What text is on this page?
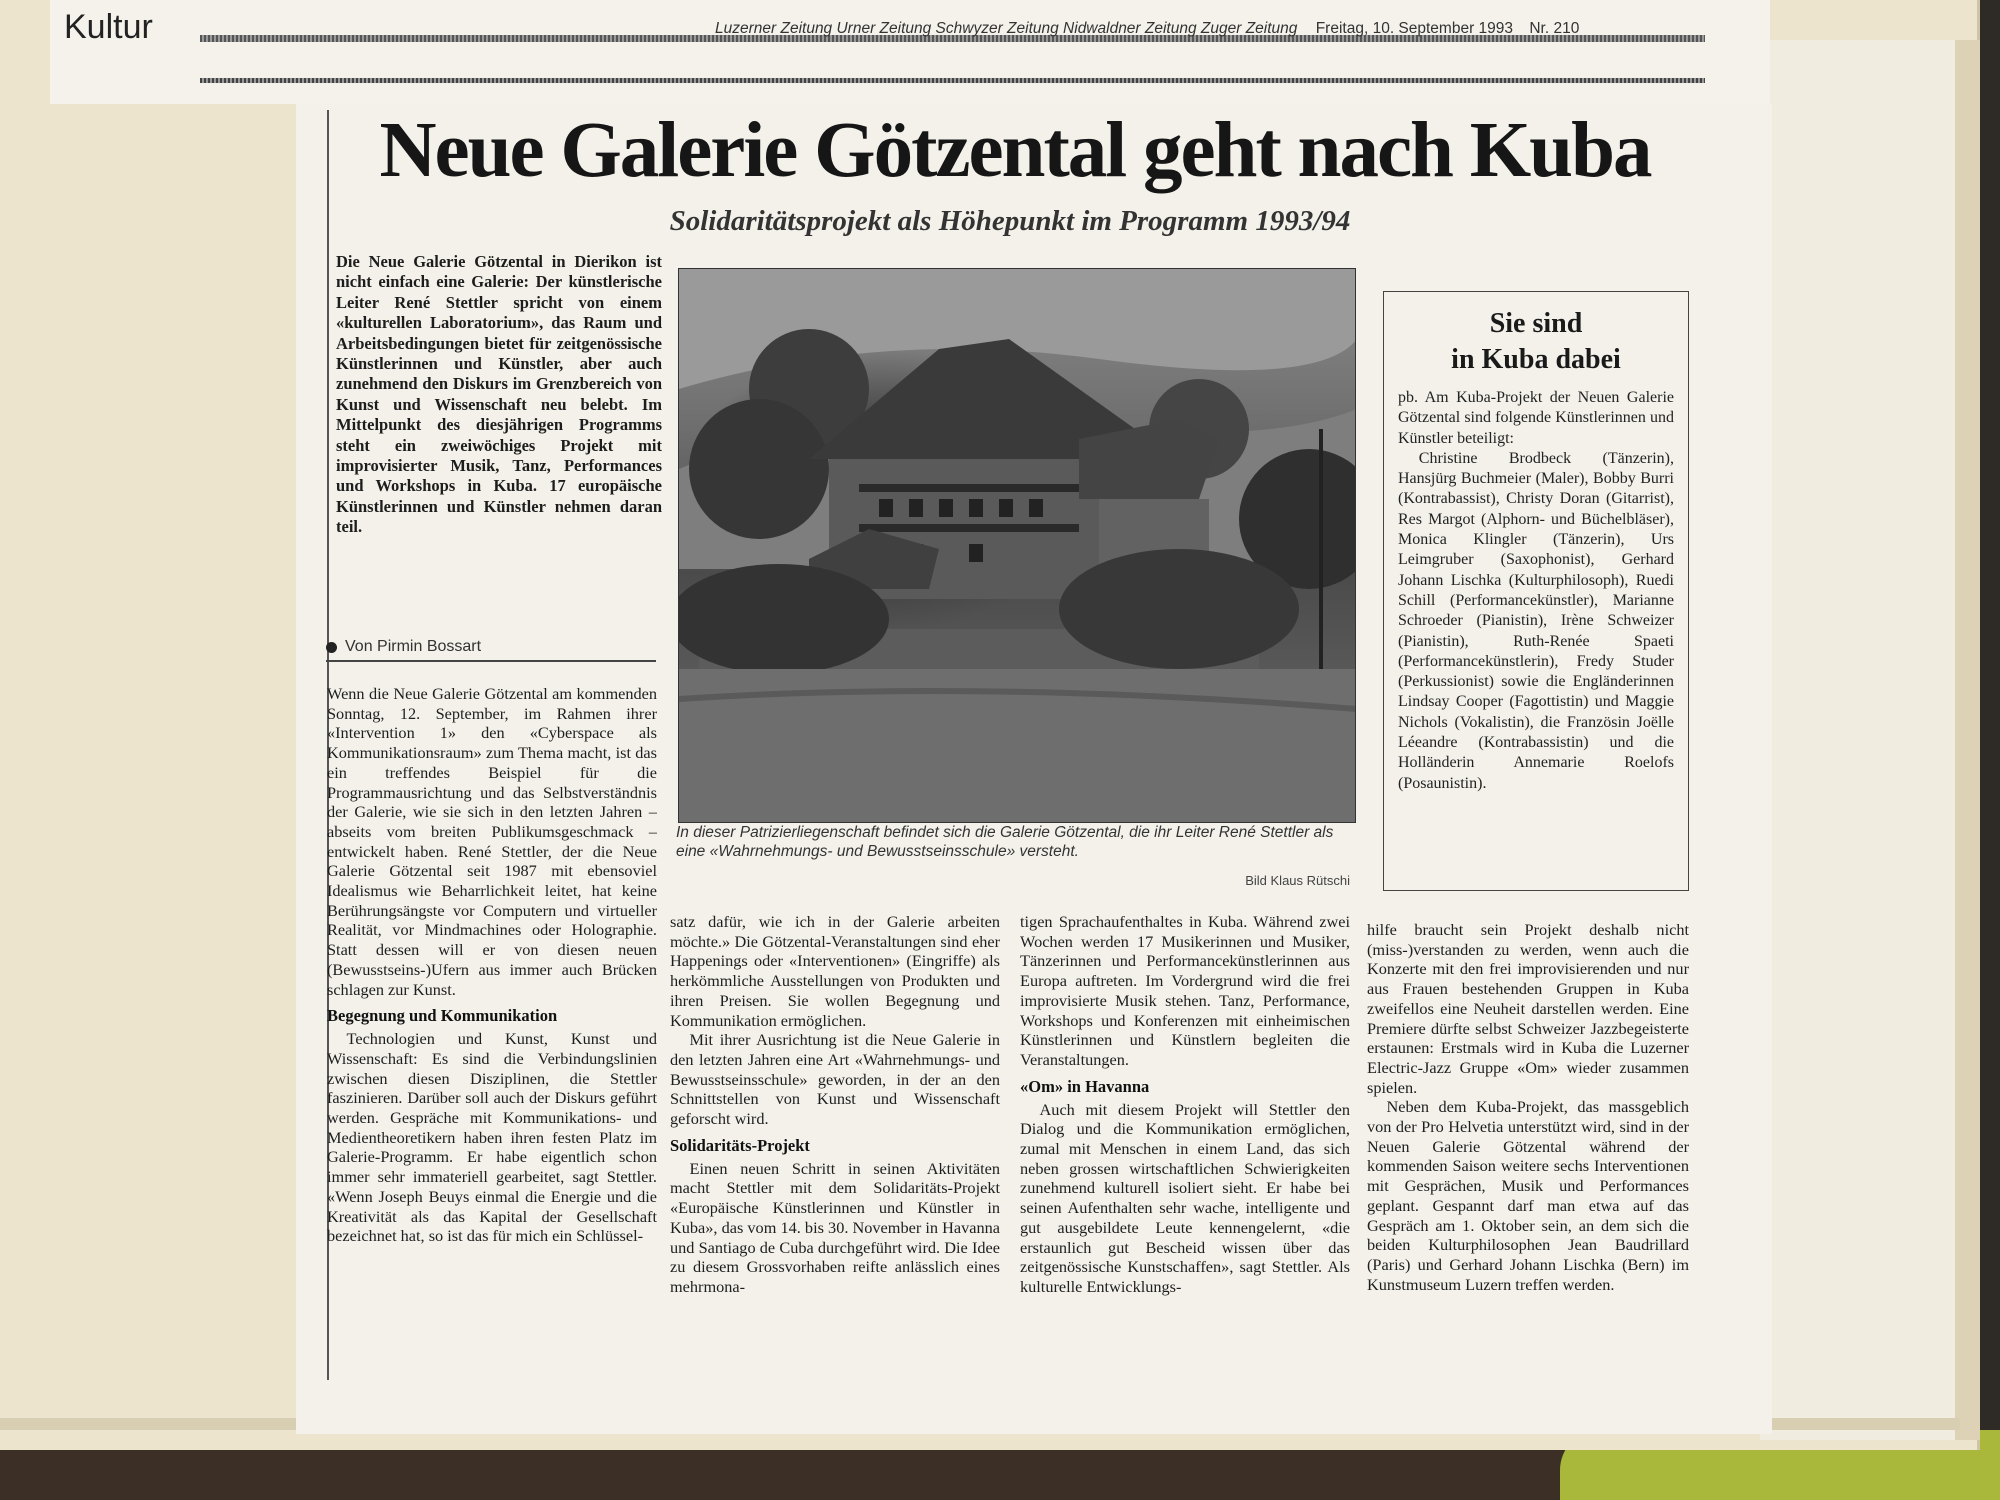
Kultur	Luzerner Zeitung Urner Zeitung Schwyzer Zeitung Nidwaldner Zeitung Zuger Zeitung Freitag, 10. September 1993 Nr. 210
Neue Galerie Götzental geht nach Kuba
Solidaritätsprojekt als Höhepunkt im Programm 1993/94

Die Neue Galerie Götzental in Dierikon ist nicht einfach eine Galerie: Der künstlerische Leiter René Stettler spricht von einem «kulturellen Laboratorium», das Raum und Arbeitsbedingungen bietet für zeitgenössische Künstlerinnen und Künstler, aber auch zunehmend den Diskurs im Grenzbereich von Kunst und Wissenschaft neu belebt. Im Mittelpunkt des diesjährigen Programms steht ein zweiwöchiges Projekt mit improvisierter Musik, Tanz, Performances und Workshops in Kuba. 17 europäische Künstlerinnen und Künstler nehmen daran teil.

Von Pirmin Bossart

In dieser Patrizierliegenschaft befindet sich die Galerie Götzental, die ihr Leiter René Stettler als eine «Wahrnehmungs- und Bewusstseinsschule» versteht.

Bild Klaus Rütschi
Sie sind
in Kuba dabei

pb. Am Kuba-Projekt der Neuen Galerie Götzental sind folgende Künstlerinnen und Künstler beteiligt:

Christine Brodbeck (Tänzerin), Hansjürg Buchmeier (Maler), Bobby Burri (Kontrabassist), Christy Doran (Gitarrist), Res Margot (Alphorn- und Büchelbläser), Monica Klingler (Tänzerin), Urs Leimgruber (Saxophonist), Gerhard Johann Lischka (Kulturphilosoph), Ruedi Schill (Performancekünstler), Marianne Schroeder (Pianistin), Irène Schweizer (Pianistin), Ruth-Renée Spaeti (Performancekünstlerin), Fredy Studer (Perkussionist) sowie die Engländerinnen Lindsay Cooper (Fagottistin) und Maggie Nichols (Vokalistin), die Französin Joëlle Léeandre (Kontrabassistin) und die Holländerin Annemarie Roelofs (Posaunistin).

Wenn die Neue Galerie Götzental am kommenden Sonntag, 12. September, im Rahmen ihrer «Intervention 1» den «Cyberspace als Kommunikationsraum» zum Thema macht, ist das ein treffendes Beispiel für die Programmausrichtung und das Selbstverständnis der Galerie, wie sie sich in den letzten Jahren – abseits vom breiten Publikumsgeschmack – entwickelt haben. René Stettler, der die Neue Galerie Götzental seit 1987 mit ebensoviel Idealismus wie Beharrlichkeit leitet, hat keine Berührungsängste vor Computern und virtueller Realität, vor Mindmachines oder Holographie. Statt dessen will er von diesen neuen (Bewusstseins-)Ufern aus immer auch Brücken schlagen zur Kunst.

Begegnung und Kommunikation

Technologien und Kunst, Kunst und Wissenschaft: Es sind die Verbindungslinien zwischen diesen Disziplinen, die Stettler faszinieren. Darüber soll auch der Diskurs geführt werden. Gespräche mit Kommunikations- und Medientheoretikern haben ihren festen Platz im Galerie-Programm. Er habe eigentlich schon immer sehr immateriell gearbeitet, sagt Stettler. «Wenn Joseph Beuys einmal die Energie und die Kreativität als das Kapital der Gesellschaft bezeichnet hat, so ist das für mich ein Schlüssel-

satz dafür, wie ich in der Galerie arbeiten möchte.» Die Götzental-Veranstaltungen sind eher Happenings oder «Interventionen» (Eingriffe) als herkömmliche Ausstellungen von Produkten und ihren Preisen. Sie wollen Begegnung und Kommunikation ermöglichen.

Mit ihrer Ausrichtung ist die Neue Galerie in den letzten Jahren eine Art «Wahrnehmungs- und Bewusstseinsschule» geworden, in der an den Schnittstellen von Kunst und Wissenschaft geforscht wird.

Solidaritäts-Projekt

Einen neuen Schritt in seinen Aktivitäten macht Stettler mit dem Solidaritäts-Projekt «Europäische Künstlerinnen und Künstler in Kuba», das vom 14. bis 30. November in Havanna und Santiago de Cuba durchgeführt wird. Die Idee zu diesem Grossvorhaben reifte anlässlich eines mehrmona-

tigen Sprachaufenthaltes in Kuba. Während zwei Wochen werden 17 Musikerinnen und Musiker, Tänzerinnen und Performancekünstlerinnen aus Europa auftreten. Im Vordergrund wird die frei improvisierte Musik stehen. Tanz, Performance, Workshops und Konferenzen mit einheimischen Künstlerinnen und Künstlern begleiten die Veranstaltungen.

«Om» in Havanna

Auch mit diesem Projekt will Stettler den Dialog und die Kommunikation ermöglichen, zumal mit Menschen in einem Land, das sich neben grossen wirtschaftlichen Schwierigkeiten zunehmend kulturell isoliert sieht. Er habe bei seinen Aufenthalten sehr wache, intelligente und gut ausgebildete Leute kennengelernt, «die erstaunlich gut Bescheid wissen über das zeitgenössische Kunstschaffen», sagt Stettler. Als kulturelle Entwicklungs-

hilfe braucht sein Projekt deshalb nicht (miss-)verstanden zu werden, wenn auch die Konzerte mit den frei improvisierenden und nur aus Frauen bestehenden Gruppen in Kuba zweifellos eine Neuheit darstellen werden. Eine Premiere dürfte selbst Schweizer Jazzbegeisterte erstaunen: Erstmals wird in Kuba die Luzerner Electric-Jazz Gruppe «Om» wieder zusammen spielen.

Neben dem Kuba-Projekt, das massgeblich von der Pro Helvetia unterstützt wird, sind in der Neuen Galerie Götzental während der kommenden Saison weitere sechs Interventionen mit Gesprächen, Musik und Performances geplant. Gespannt darf man etwa auf das Gespräch am 1. Oktober sein, an dem sich die beiden Kulturphilosophen Jean Baudrillard (Paris) und Gerhard Johann Lischka (Bern) im Kunstmuseum Luzern treffen werden.
